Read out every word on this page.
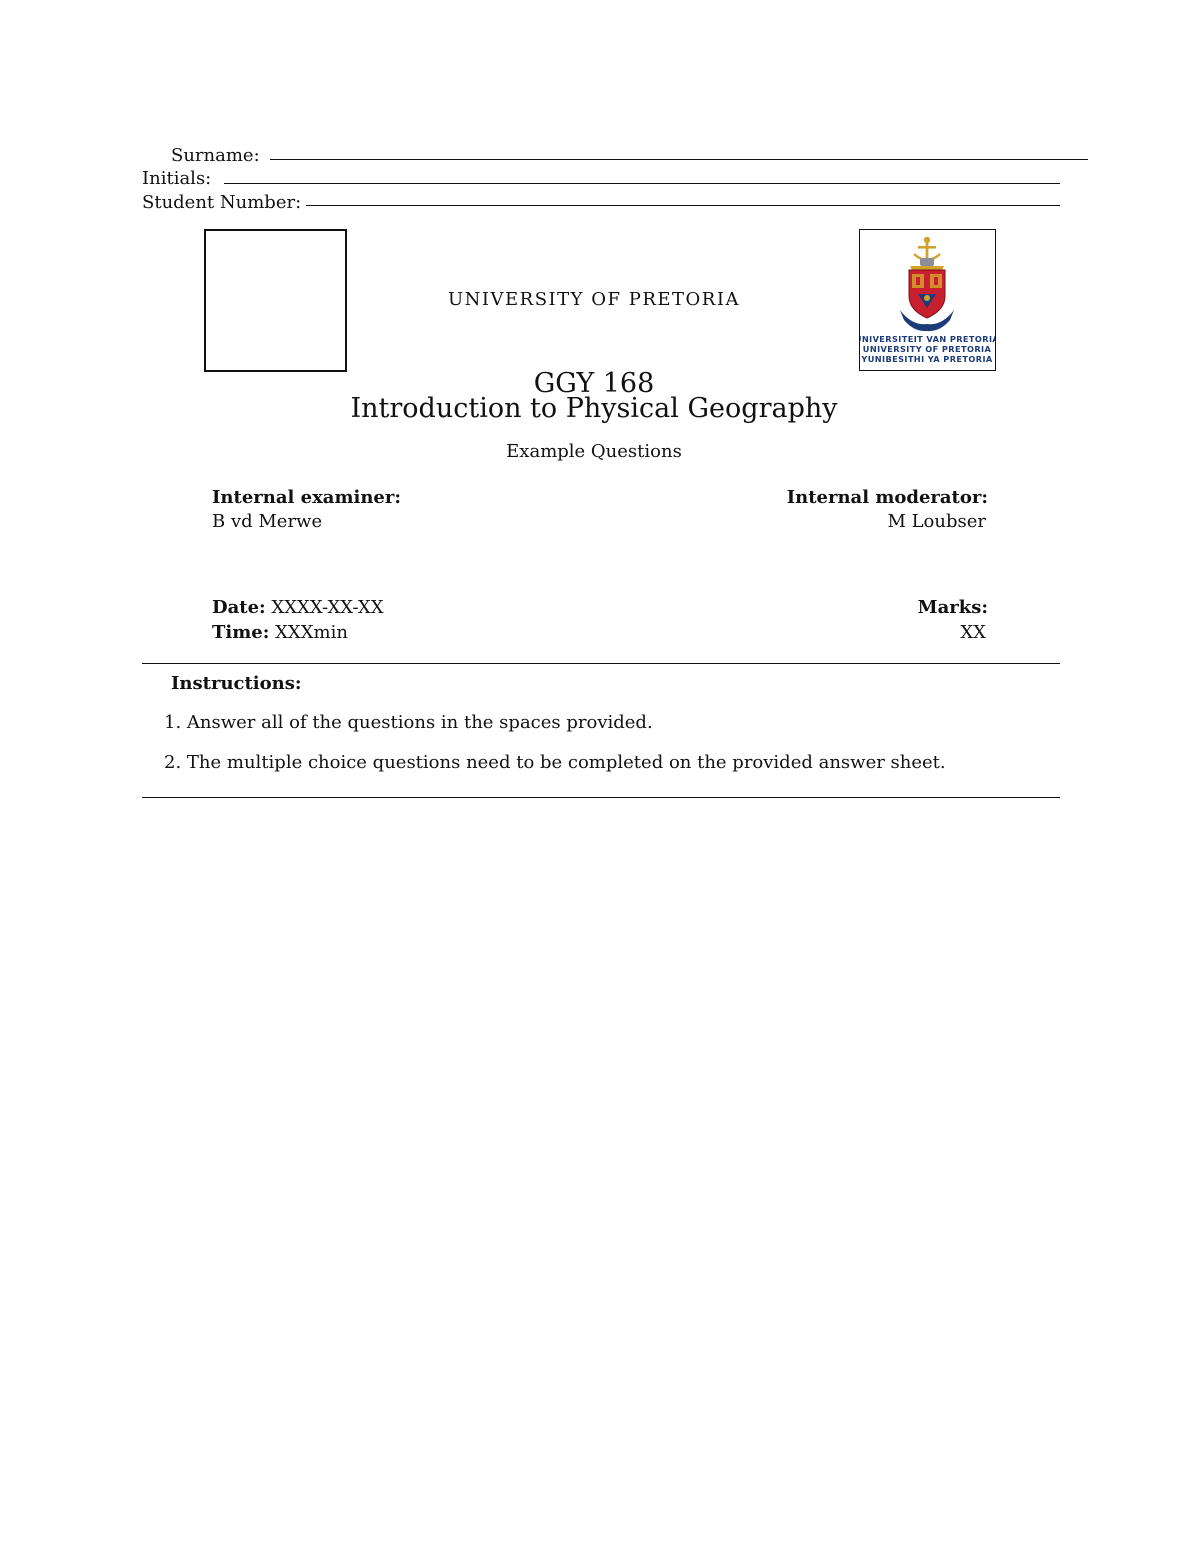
Surname:
Initials:
Student Number:
UNIVERSITEIT VAN PRETORIA
UNIVERSITY OF PRETORIA
YUNIBESITHI YA PRETORIA
UNIVERSITY OF PRETORIA
GGY 168
Introduction to Physical Geography
Example Questions
Internal examiner:
B vd Merwe
Internal moderator:
M Loubser
Date: XXXX-XX-XX
Time: XXXmin
Marks:
XX
Instructions:
1. Answer all of the questions in the spaces provided.
2. The multiple choice questions need to be completed on the provided answer sheet.
